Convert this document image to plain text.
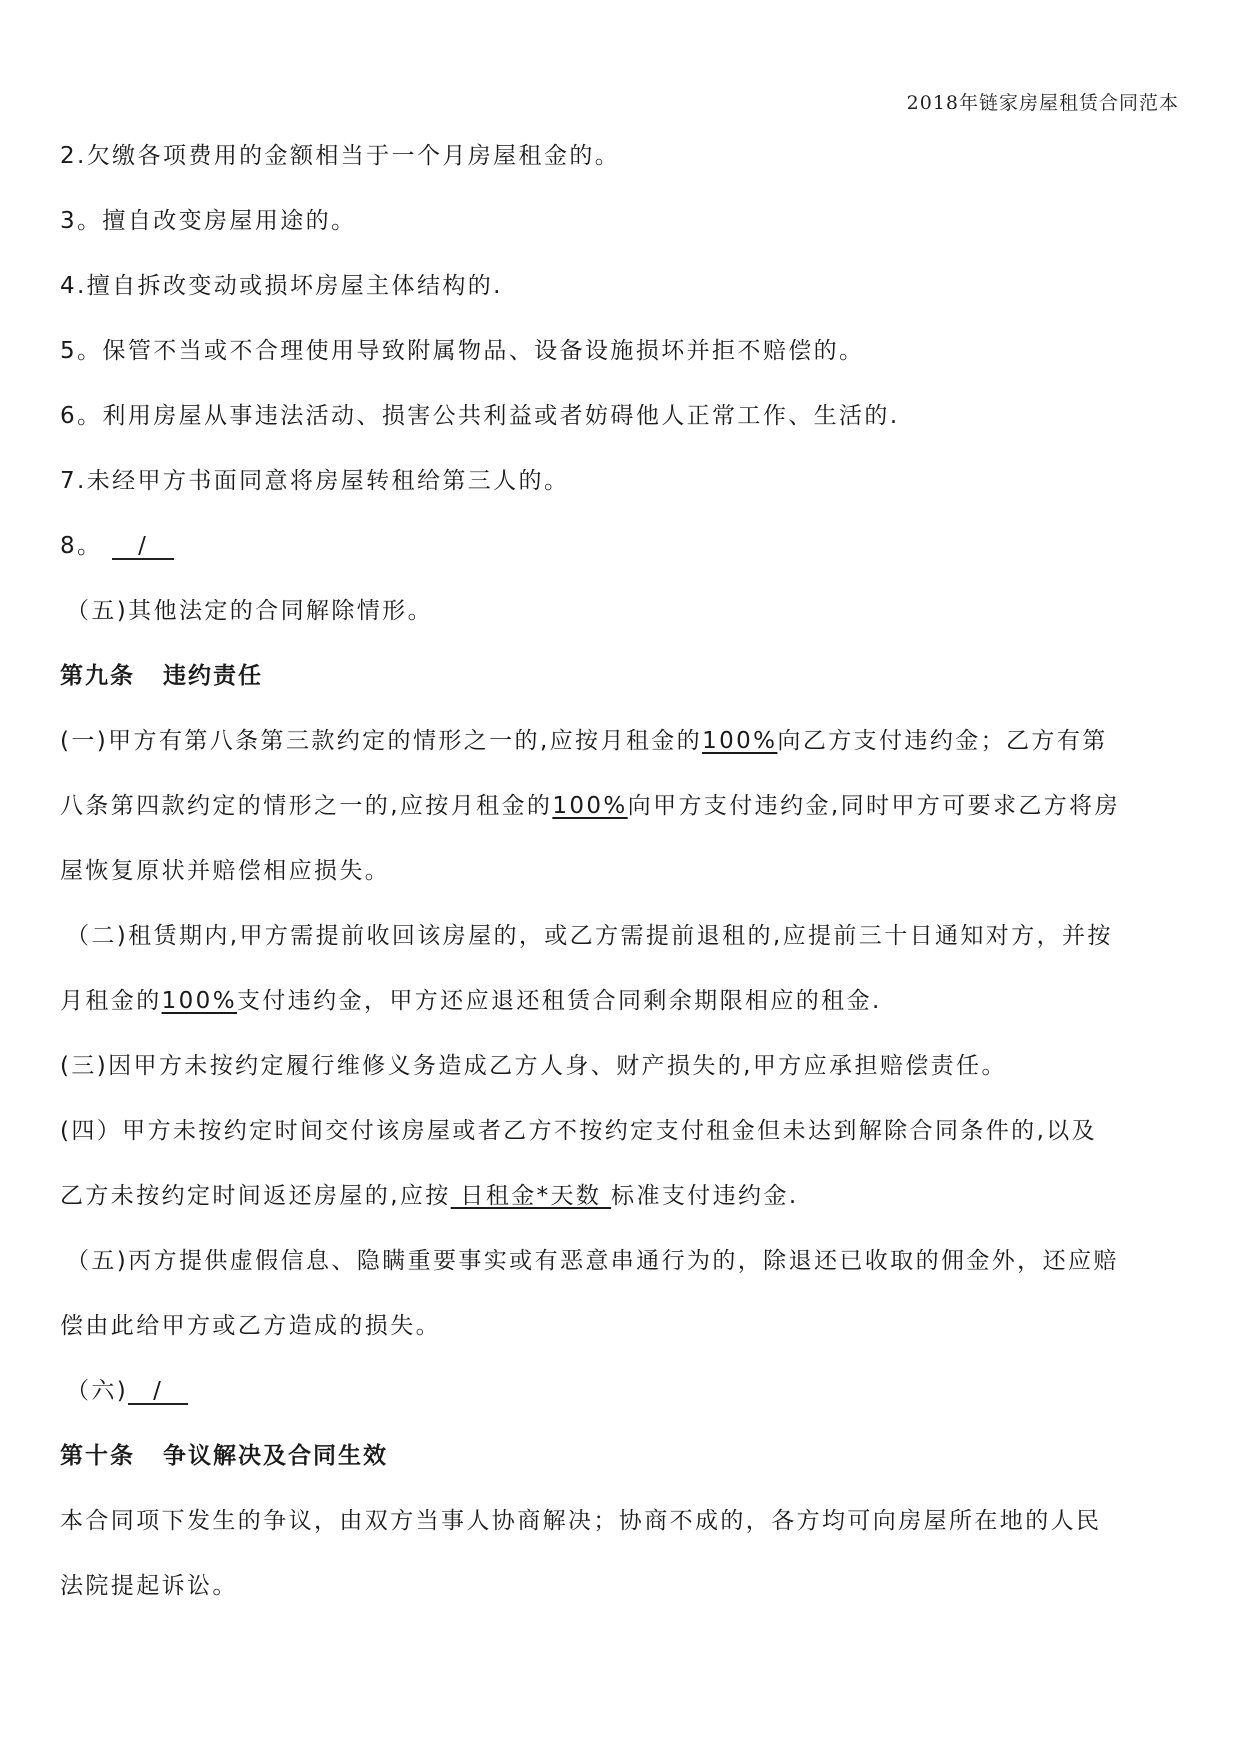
2018年链家房屋租赁合同范本
2.欠缴各项费用的金额相当于一个月房屋租金的。
3。擅自改变房屋用途的。
4.擅自拆改变动或损坏房屋主体结构的.
5。保管不当或不合理使用导致附属物品、设备设施损坏并拒不赔偿的。
6。利用房屋从事违法活动、损害公共利益或者妨碍他人正常工作、生活的.
7.未经甲方书面同意将房屋转租给第三人的。
8。 /
（五)其他法定的合同解除情形。
第九条 违约责任
(一)甲方有第八条第三款约定的情形之一的,应按月租金的100%向乙方支付违约金；乙方有第
八条第四款约定的情形之一的,应按月租金的100%向甲方支付违约金,同时甲方可要求乙方将房
屋恢复原状并赔偿相应损失。
（二)租赁期内,甲方需提前收回该房屋的，或乙方需提前退租的,应提前三十日通知对方，并按
月租金的100%支付违约金，甲方还应退还租赁合同剩余期限相应的租金.
(三)因甲方未按约定履行维修义务造成乙方人身、财产损失的,甲方应承担赔偿责任。
(四）甲方未按约定时间交付该房屋或者乙方不按约定支付租金但未达到解除合同条件的,以及
乙方未按约定时间返还房屋的,应按 日租金*天数 标准支付违约金.
（五)丙方提供虚假信息、隐瞒重要事实或有恶意串通行为的，除退还已收取的佣金外，还应赔
偿由此给甲方或乙方造成的损失。
（六) /
第十条 争议解决及合同生效
本合同项下发生的争议，由双方当事人协商解决；协商不成的，各方均可向房屋所在地的人民
法院提起诉讼。
